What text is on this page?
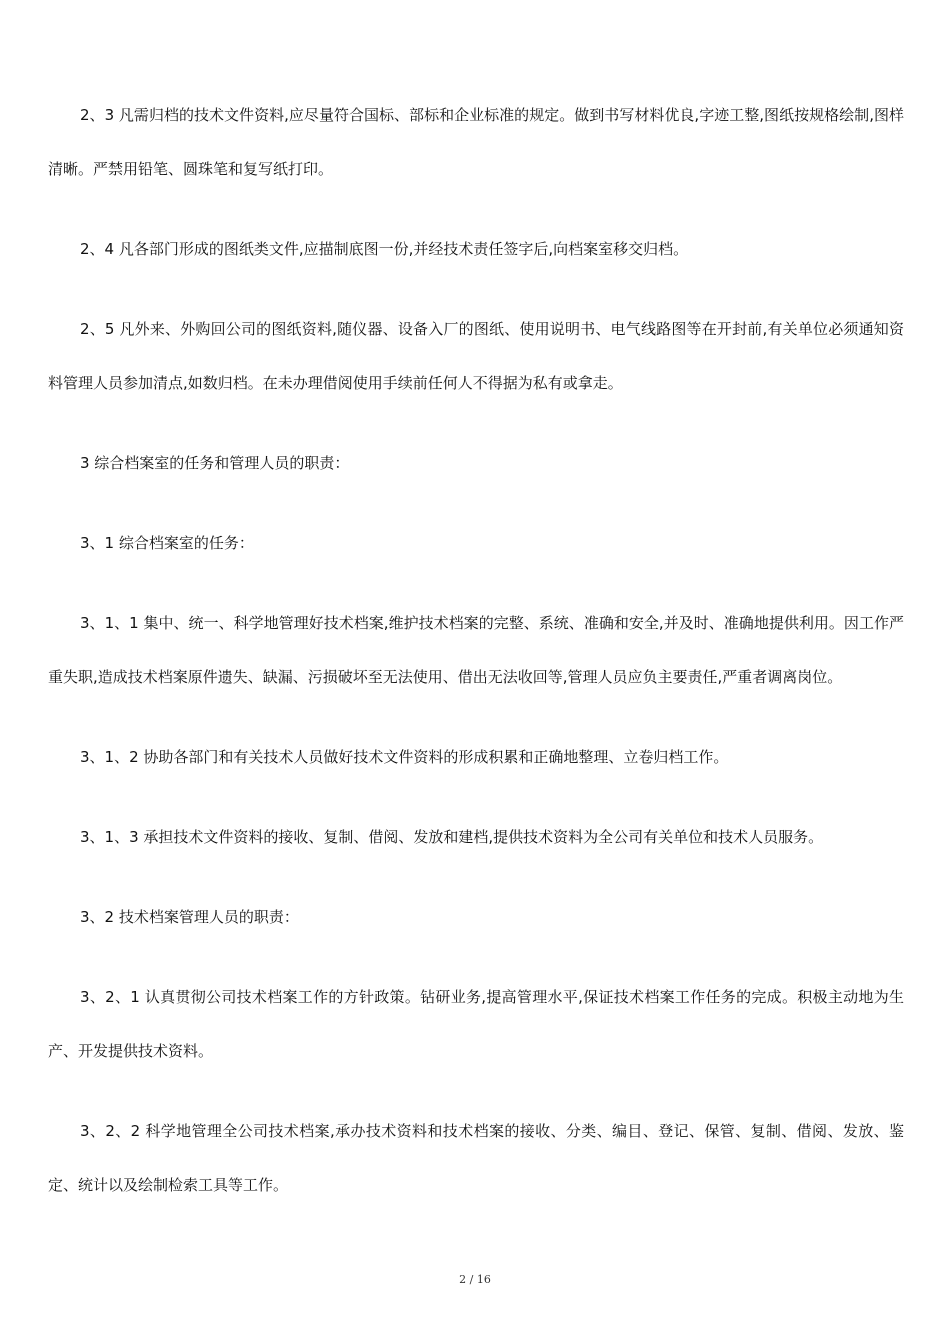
2、3 凡需归档的技术文件资料,应尽量符合国标、部标和企业标准的规定。做到书写材料优良,字迹工整,图纸按规格绘制,图样清晰。严禁用铅笔、圆珠笔和复写纸打印。

2、4 凡各部门形成的图纸类文件,应描制底图一份,并经技术责任签字后,向档案室移交归档。

2、5 凡外来、外购回公司的图纸资料,随仪器、设备入厂的图纸、使用说明书、电气线路图等在开封前,有关单位必须通知资料管理人员参加清点,如数归档。在未办理借阅使用手续前任何人不得据为私有或拿走。

3 综合档案室的任务和管理人员的职责：

3、1 综合档案室的任务：

3、1、1 集中、统一、科学地管理好技术档案,维护技术档案的完整、系统、准确和安全,并及时、准确地提供利用。因工作严重失职,造成技术档案原件遗失、缺漏、污损破坏至无法使用、借出无法收回等,管理人员应负主要责任,严重者调离岗位。

3、1、2 协助各部门和有关技术人员做好技术文件资料的形成积累和正确地整理、立卷归档工作。

3、1、3 承担技术文件资料的接收、复制、借阅、发放和建档,提供技术资料为全公司有关单位和技术人员服务。

3、2 技术档案管理人员的职责：

3、2、1 认真贯彻公司技术档案工作的方针政策。钻研业务,提高管理水平,保证技术档案工作任务的完成。积极主动地为生产、开发提供技术资料。

3、2、2 科学地管理全公司技术档案,承办技术资料和技术档案的接收、分类、编目、登记、保管、复制、借阅、发放、鉴定、统计以及绘制检索工具等工作。

2 / 16
